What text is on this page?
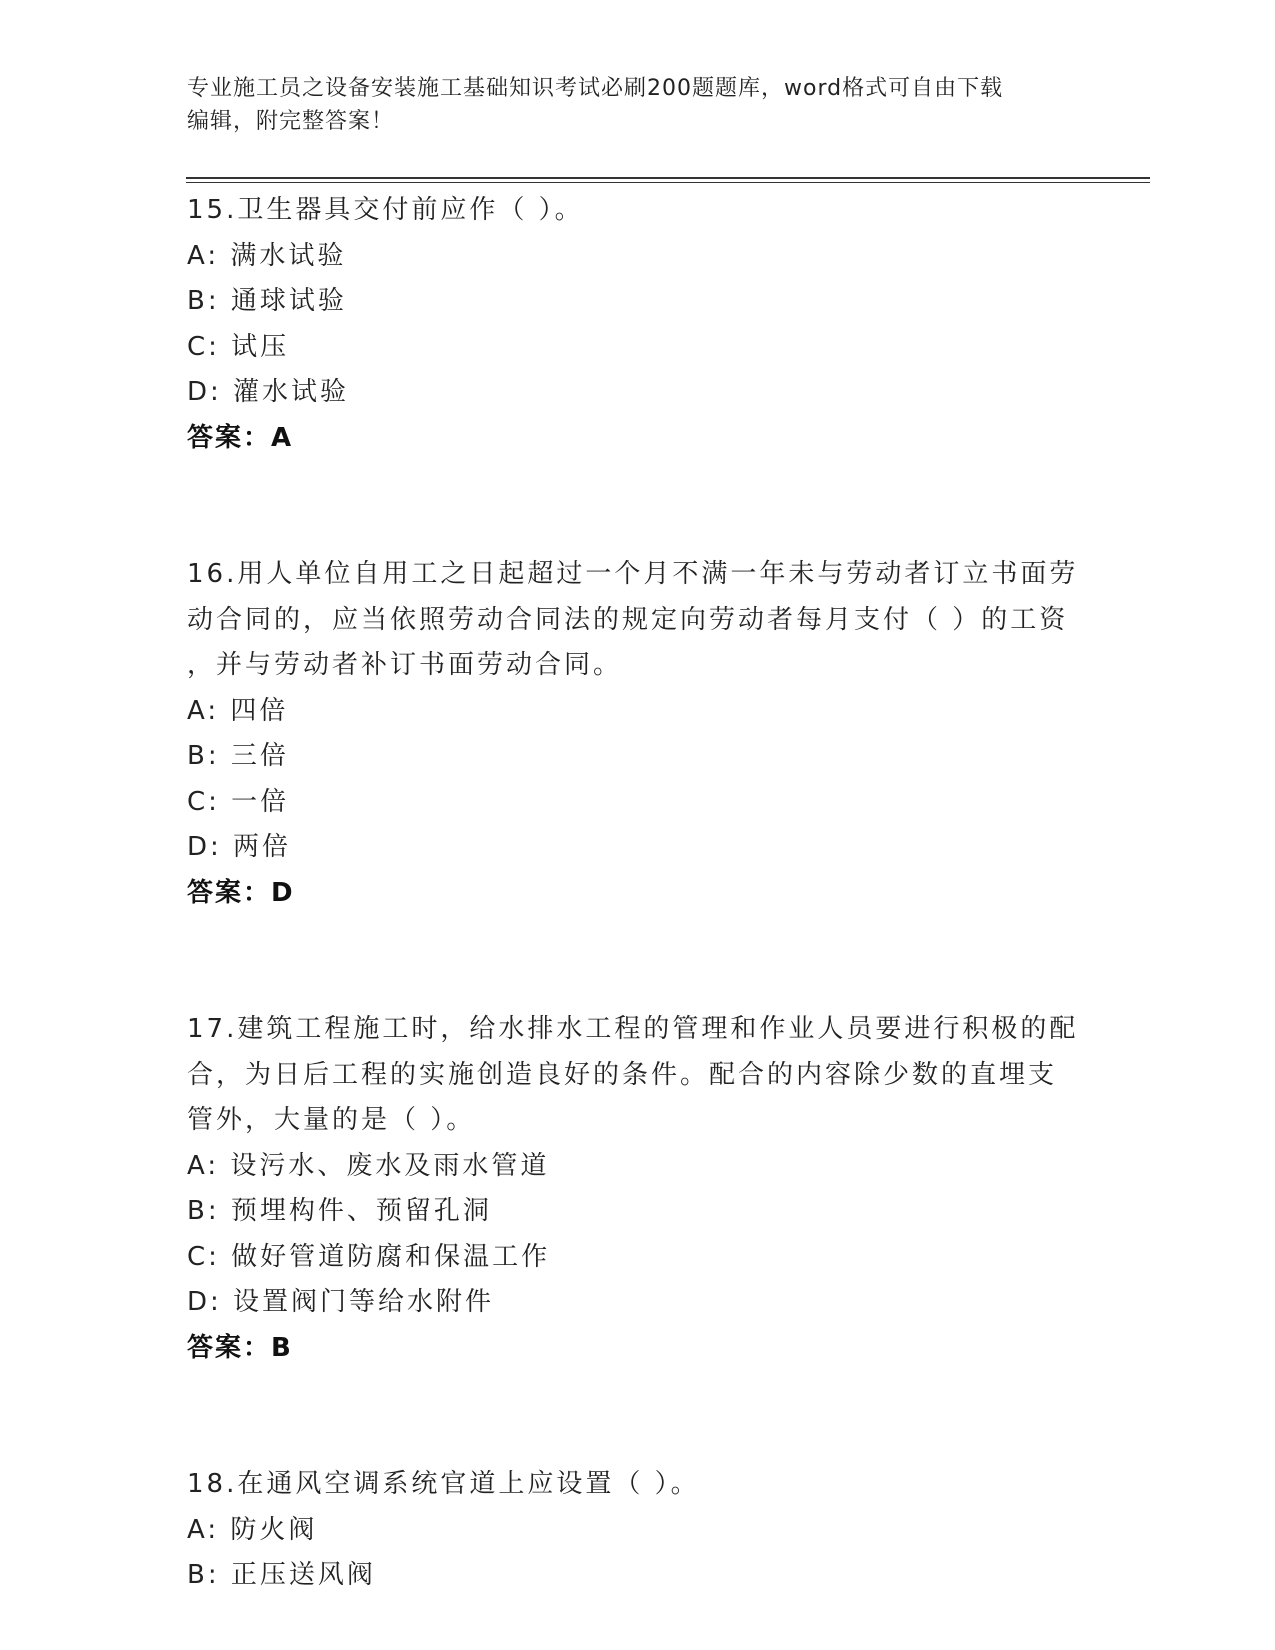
专业施工员之设备安装施工基础知识考试必刷200题题库，word格式可自由下载
编辑，附完整答案！
15.卫生器具交付前应作（ ）。
A: 满水试验
B: 通球试验
C: 试压
D: 灌水试验
答案：A
16.用人单位自用工之日起超过一个月不满一年未与劳动者订立书面劳
动合同的，应当依照劳动合同法的规定向劳动者每月支付（ ）的工资
，并与劳动者补订书面劳动合同。
A: 四倍
B: 三倍
C: 一倍
D: 两倍
答案：D
17.建筑工程施工时，给水排水工程的管理和作业人员要进行积极的配
合，为日后工程的实施创造良好的条件。配合的内容除少数的直埋支
管外，大量的是（ ）。
A: 设污水、废水及雨水管道
B: 预埋构件、预留孔洞
C: 做好管道防腐和保温工作
D: 设置阀门等给水附件
答案：B
18.在通风空调系统官道上应设置（ ）。
A: 防火阀
B: 正压送风阀
